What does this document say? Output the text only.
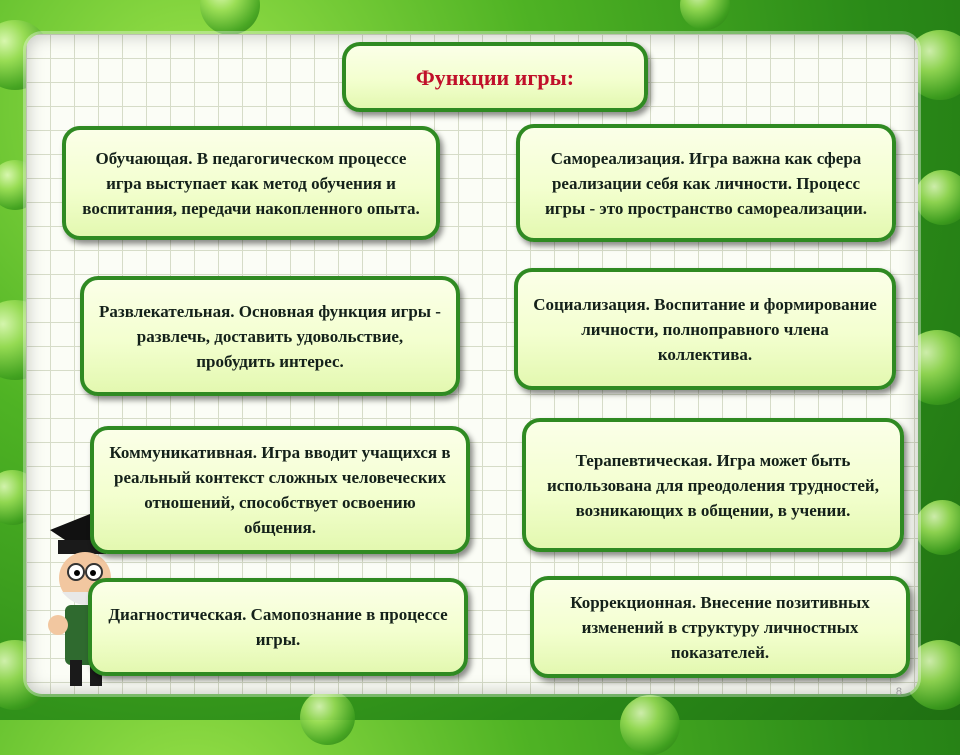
Функции игры:
Обучающая. В педагогическом процессе игра выступает как метод обучения и воспитания, передачи накопленного опыта.
Развлекательная. Основная функция игры - развлечь, доставить удовольствие, пробудить интерес.
Коммуникативная. Игра вводит учащихся в реальный контекст сложных человеческих отношений, способствует освоению общения.
Диагностическая. Самопознание в процессе игры.
Самореализация. Игра важна как сфера реализации себя как личности. Процесс игры - это пространство самореализации.
Социализация. Воспитание и формирование личности, полноправного члена коллектива.
Терапевтическая. Игра может быть использована для преодоления трудностей, возникающих в общении, в учении.
Коррекционная. Внесение позитивных изменений в структуру личностных показателей.
8
